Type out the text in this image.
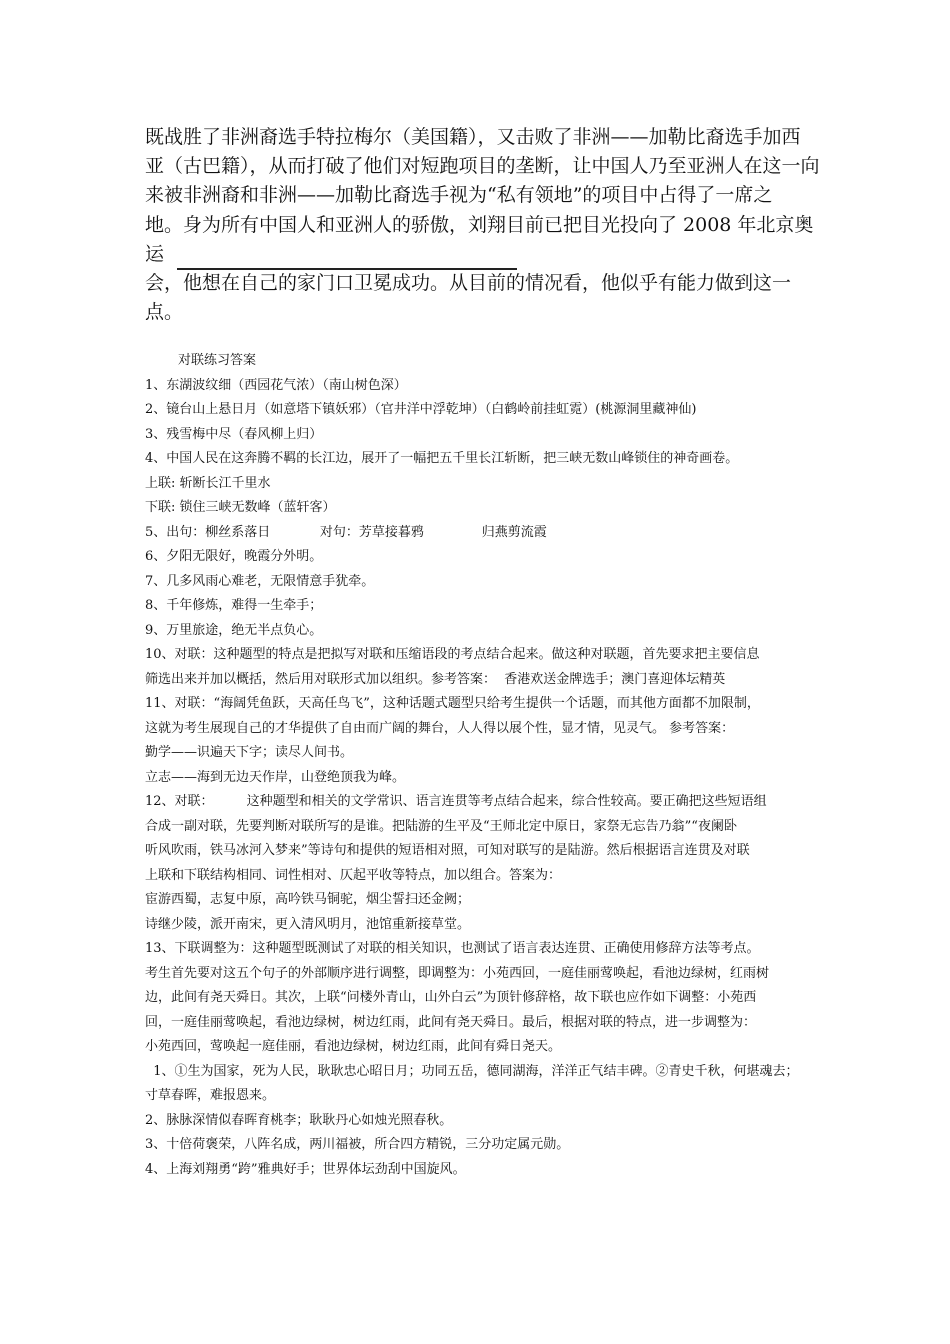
既战胜了非洲裔选手特拉梅尔（美国籍），又击败了非洲——加勒比裔选手加西
亚（古巴籍），从而打破了他们对短跑项目的垄断，让中国人乃至亚洲人在这一向
来被非洲裔和非洲——加勒比裔选手视为“私有领地”的项目中占得了一席之
地。身为所有中国人和亚洲人的骄傲，刘翔目前已把目光投向了 2008 年北京奥运
会，他想在自己的家门口卫冕成功。从目前的情况看，他似乎有能力做到这一点。
对联练习答案
1、东湖波纹细（西园花气浓）（南山树色深）
2、镜台山上悬日月（如意塔下镇妖邪）（官井洋中浮乾坤）（白鹤岭前挂虹霓）(桃源洞里藏神仙)
3、残雪梅中尽（春风柳上归）
4、中国人民在这奔腾不羁的长江边，展开了一幅把五千里长江斩断，把三峡无数山峰锁住的神奇画卷。
上联: 斩断长江千里水
下联: 锁住三峡无数峰（蓝轩客）
5、出句：柳丝系落日            对句：芳草接暮鸦              归燕剪流霞
6、夕阳无限好，晚霞分外明。
7、几多风雨心难老，无限情意手犹牵。
8、千年修炼，难得一生牵手；
9、万里旅途，绝无半点负心。
10、对联：这种题型的特点是把拟写对联和压缩语段的考点结合起来。做这种对联题，首先要求把主要信息
筛选出来并加以概括，然后用对联形式加以组织。参考答案：  香港欢送金牌选手；澳门喜迎体坛精英
11、对联：“海阔凭鱼跃，天高任鸟飞”，这种话题式题型只给考生提供一个话题，而其他方面都不加限制，
这就为考生展现自己的才华提供了自由而广阔的舞台，人人得以展个性，显才情，见灵气。 参考答案：
勤学——识遍天下字；读尽人间书。
立志——海到无边天作岸，山登绝顶我为峰。
12、对联：        这种题型和相关的文学常识、语言连贯等考点结合起来，综合性较高。要正确把这些短语组
合成一副对联，先要判断对联所写的是谁。把陆游的生平及“王师北定中原日，家祭无忘告乃翁”“夜阑卧
听风吹雨，铁马冰河入梦来”等诗句和提供的短语相对照，可知对联写的是陆游。然后根据语言连贯及对联
上联和下联结构相同、词性相对、仄起平收等特点，加以组合。答案为：
宦游西蜀，志复中原，高吟铁马铜驼，烟尘誓扫还金阙；
诗继少陵，派开南宋，更入清风明月，池馆重新接草堂。
13、下联调整为：这种题型既测试了对联的相关知识，也测试了语言表达连贯、正确使用修辞方法等考点。
考生首先要对这五个句子的外部顺序进行调整，即调整为：小苑西回，一庭佳丽莺唤起，看池边绿树，红雨树
边，此间有尧天舜日。其次，上联“问楼外青山，山外白云”为顶针修辞格，故下联也应作如下调整：小苑西
回，一庭佳丽莺唤起，看池边绿树，树边红雨，此间有尧天舜日。最后，根据对联的特点，进一步调整为：
小苑西回，莺唤起一庭佳丽，看池边绿树，树边红雨，此间有舜日尧天。
1、①生为国家，死为人民，耿耿忠心昭日月；功同五岳，德同湖海，洋洋正气结丰碑。②青史千秋，何堪魂去；
寸草春晖，难报恩来。
2、脉脉深情似春晖育桃李；耿耿丹心如烛光照春秋。
3、十倍荷褒荣，八阵名成，两川福被，所合四方精锐，三分功定属元勋。
4、上海刘翔勇“跨”雅典好手；世界体坛劲刮中国旋风。
